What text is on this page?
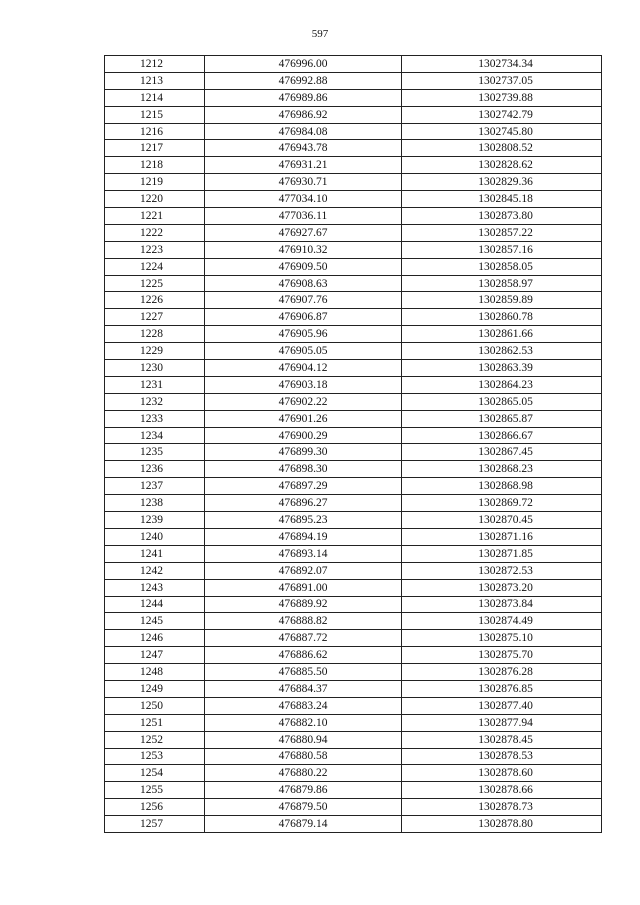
597
1212	476996.00	1302734.34
1213	476992.88	1302737.05
1214	476989.86	1302739.88
1215	476986.92	1302742.79
1216	476984.08	1302745.80
1217	476943.78	1302808.52
1218	476931.21	1302828.62
1219	476930.71	1302829.36
1220	477034.10	1302845.18
1221	477036.11	1302873.80
1222	476927.67	1302857.22
1223	476910.32	1302857.16
1224	476909.50	1302858.05
1225	476908.63	1302858.97
1226	476907.76	1302859.89
1227	476906.87	1302860.78
1228	476905.96	1302861.66
1229	476905.05	1302862.53
1230	476904.12	1302863.39
1231	476903.18	1302864.23
1232	476902.22	1302865.05
1233	476901.26	1302865.87
1234	476900.29	1302866.67
1235	476899.30	1302867.45
1236	476898.30	1302868.23
1237	476897.29	1302868.98
1238	476896.27	1302869.72
1239	476895.23	1302870.45
1240	476894.19	1302871.16
1241	476893.14	1302871.85
1242	476892.07	1302872.53
1243	476891.00	1302873.20
1244	476889.92	1302873.84
1245	476888.82	1302874.49
1246	476887.72	1302875.10
1247	476886.62	1302875.70
1248	476885.50	1302876.28
1249	476884.37	1302876.85
1250	476883.24	1302877.40
1251	476882.10	1302877.94
1252	476880.94	1302878.45
1253	476880.58	1302878.53
1254	476880.22	1302878.60
1255	476879.86	1302878.66
1256	476879.50	1302878.73
1257	476879.14	1302878.80
